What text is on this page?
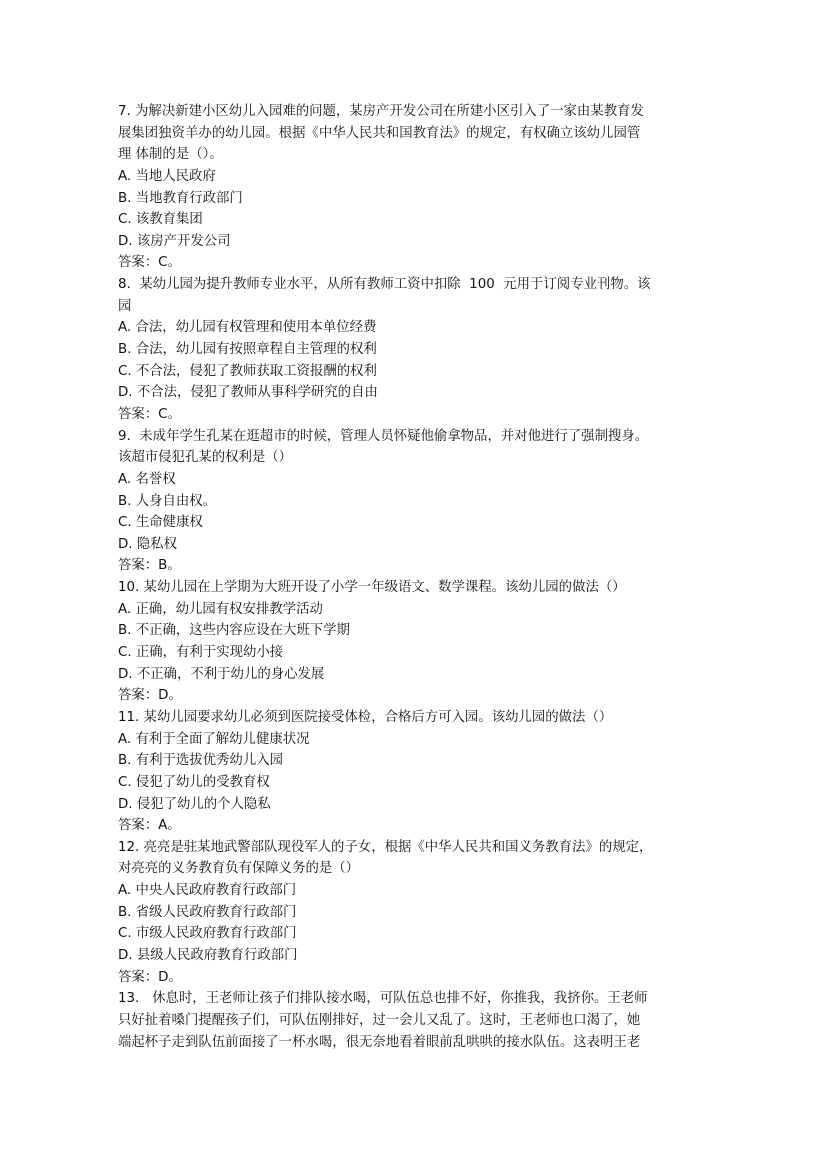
7. 为解决新建小区幼儿入园难的问题，某房产开发公司在所建小区引入了一家由某教育发
展集团独资羊办的幼儿园。根据《中华人民共和国教育法》的规定，有权确立该幼儿园管
理 体制的是（）。
A. 当地人民政府
B. 当地教育行政部门
C. 该教育集团
D. 该房产开发公司
答案：C。
8.  某幼儿园为提升教师专业水平，从所有教师工资中扣除  100  元用于订阅专业刊物。该
园
A. 合法，幼儿园有权管理和使用本单位经费
B. 合法，幼儿园有按照章程自主管理的权利
C. 不合法，侵犯了教师获取工资报酬的权利
D. 不合法，侵犯了教师从事科学研究的自由
答案：C。
9.  未成年学生孔某在逛超市的时候，管理人员怀疑他偷拿物品，并对他进行了强制搜身。
该超市侵犯孔某的权利是（）
A. 名誉权
B. 人身自由权。
C. 生命健康权
D. 隐私权
答案：B。
10. 某幼儿园在上学期为大班开设了小学一年级语文、数学课程。该幼儿园的做法（）
A. 正确，幼儿园有权安排教学活动
B. 不正确，这些内容应设在大班下学期
C. 正确，有利于实现幼小接
D. 不正确，不利于幼儿的身心发展
答案：D。
11. 某幼儿园要求幼儿必须到医院接受体检，合格后方可入园。该幼儿园的做法（）
A. 有利于全面了解幼儿健康状况
B. 有利于选拔优秀幼儿入园
C. 侵犯了幼儿的受教育权
D. 侵犯了幼儿的个人隐私
答案：A。
12. 亮亮是驻某地武警部队现役军人的子女，根据《中华人民共和国义务教育法》的规定，
对亮亮的义务教育负有保障义务的是（）
A. 中央人民政府教育行政部门
B. 省级人民政府教育行政部门
C. 市级人民政府教育行政部门
D. 县级人民政府教育行政部门
答案：D。
13.   休息时，王老师让孩子们排队接水喝，可队伍总也排不好，你推我，我挤你。王老师
只好扯着嗓门提醒孩子们，可队伍刚排好，过一会儿又乱了。这时，王老师也口渴了，她
端起杯子走到队伍前面接了一杯水喝，很无奈地看着眼前乱哄哄的接水队伍。这表明王老
